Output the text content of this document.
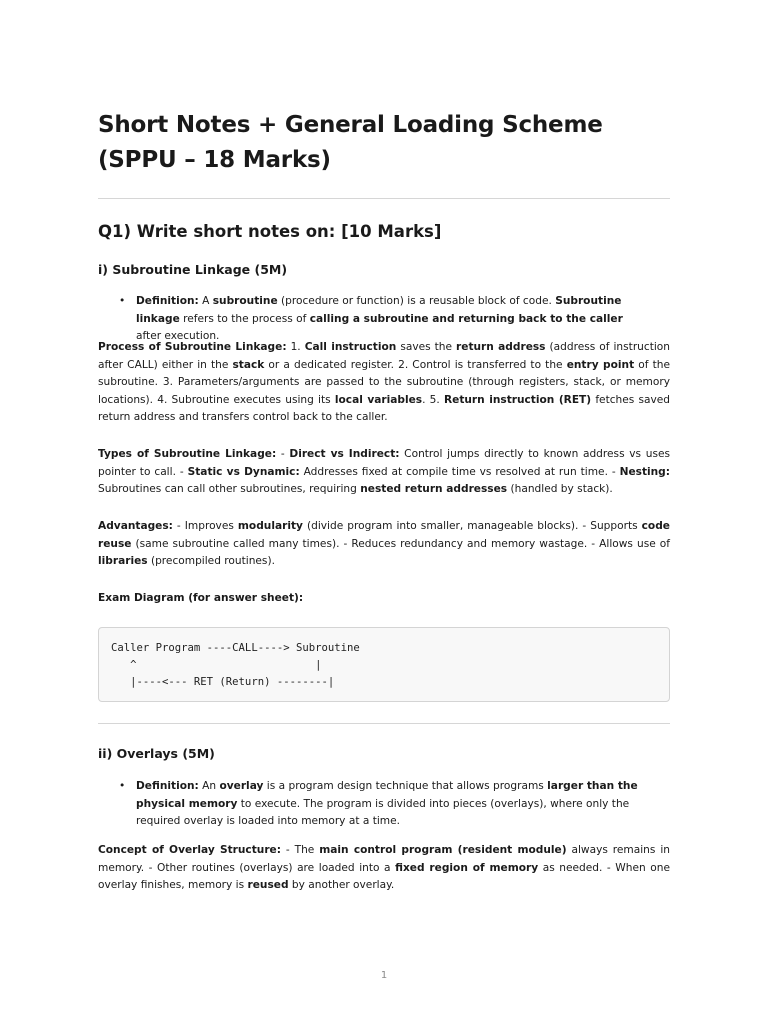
Short Notes + General Loading Scheme (SPPU – 18 Marks)
Q1) Write short notes on: [10 Marks]
i) Subroutine Linkage (5M)

•	Definition: A subroutine (procedure or function) is a reusable block of code. Subroutine linkage refers to the process of calling a subroutine and returning back to the caller after execution.

Process of Subroutine Linkage: 1. Call instruction saves the return address (address of instruction after CALL) either in the stack or a dedicated register. 2. Control is transferred to the entry point of the subroutine. 3. Parameters/arguments are passed to the subroutine (through registers, stack, or memory locations). 4. Subroutine executes using its local variables. 5. Return instruction (RET) fetches saved return address and transfers control back to the caller.

Types of Subroutine Linkage: - Direct vs Indirect: Control jumps directly to known address vs uses pointer to call. - Static vs Dynamic: Addresses fixed at compile time vs resolved at run time. - Nesting: Subroutines can call other subroutines, requiring nested return addresses (handled by stack).

Advantages: - Improves modularity (divide program into smaller, manageable blocks). - Supports code reuse (same subroutine called many times). - Reduces redundancy and memory wastage. - Allows use of libraries (precompiled routines).

Exam Diagram (for answer sheet):

Caller Program ----CALL----> Subroutine
^                            |
|----<--- RET (Return) --------|
ii) Overlays (5M)

•	Definition: An overlay is a program design technique that allows programs larger than the physical memory to execute. The program is divided into pieces (overlays), where only the required overlay is loaded into memory at a time.

Concept of Overlay Structure: - The main control program (resident module) always remains in memory. - Other routines (overlays) are loaded into a fixed region of memory as needed. - When one overlay finishes, memory is reused by another overlay.

1
